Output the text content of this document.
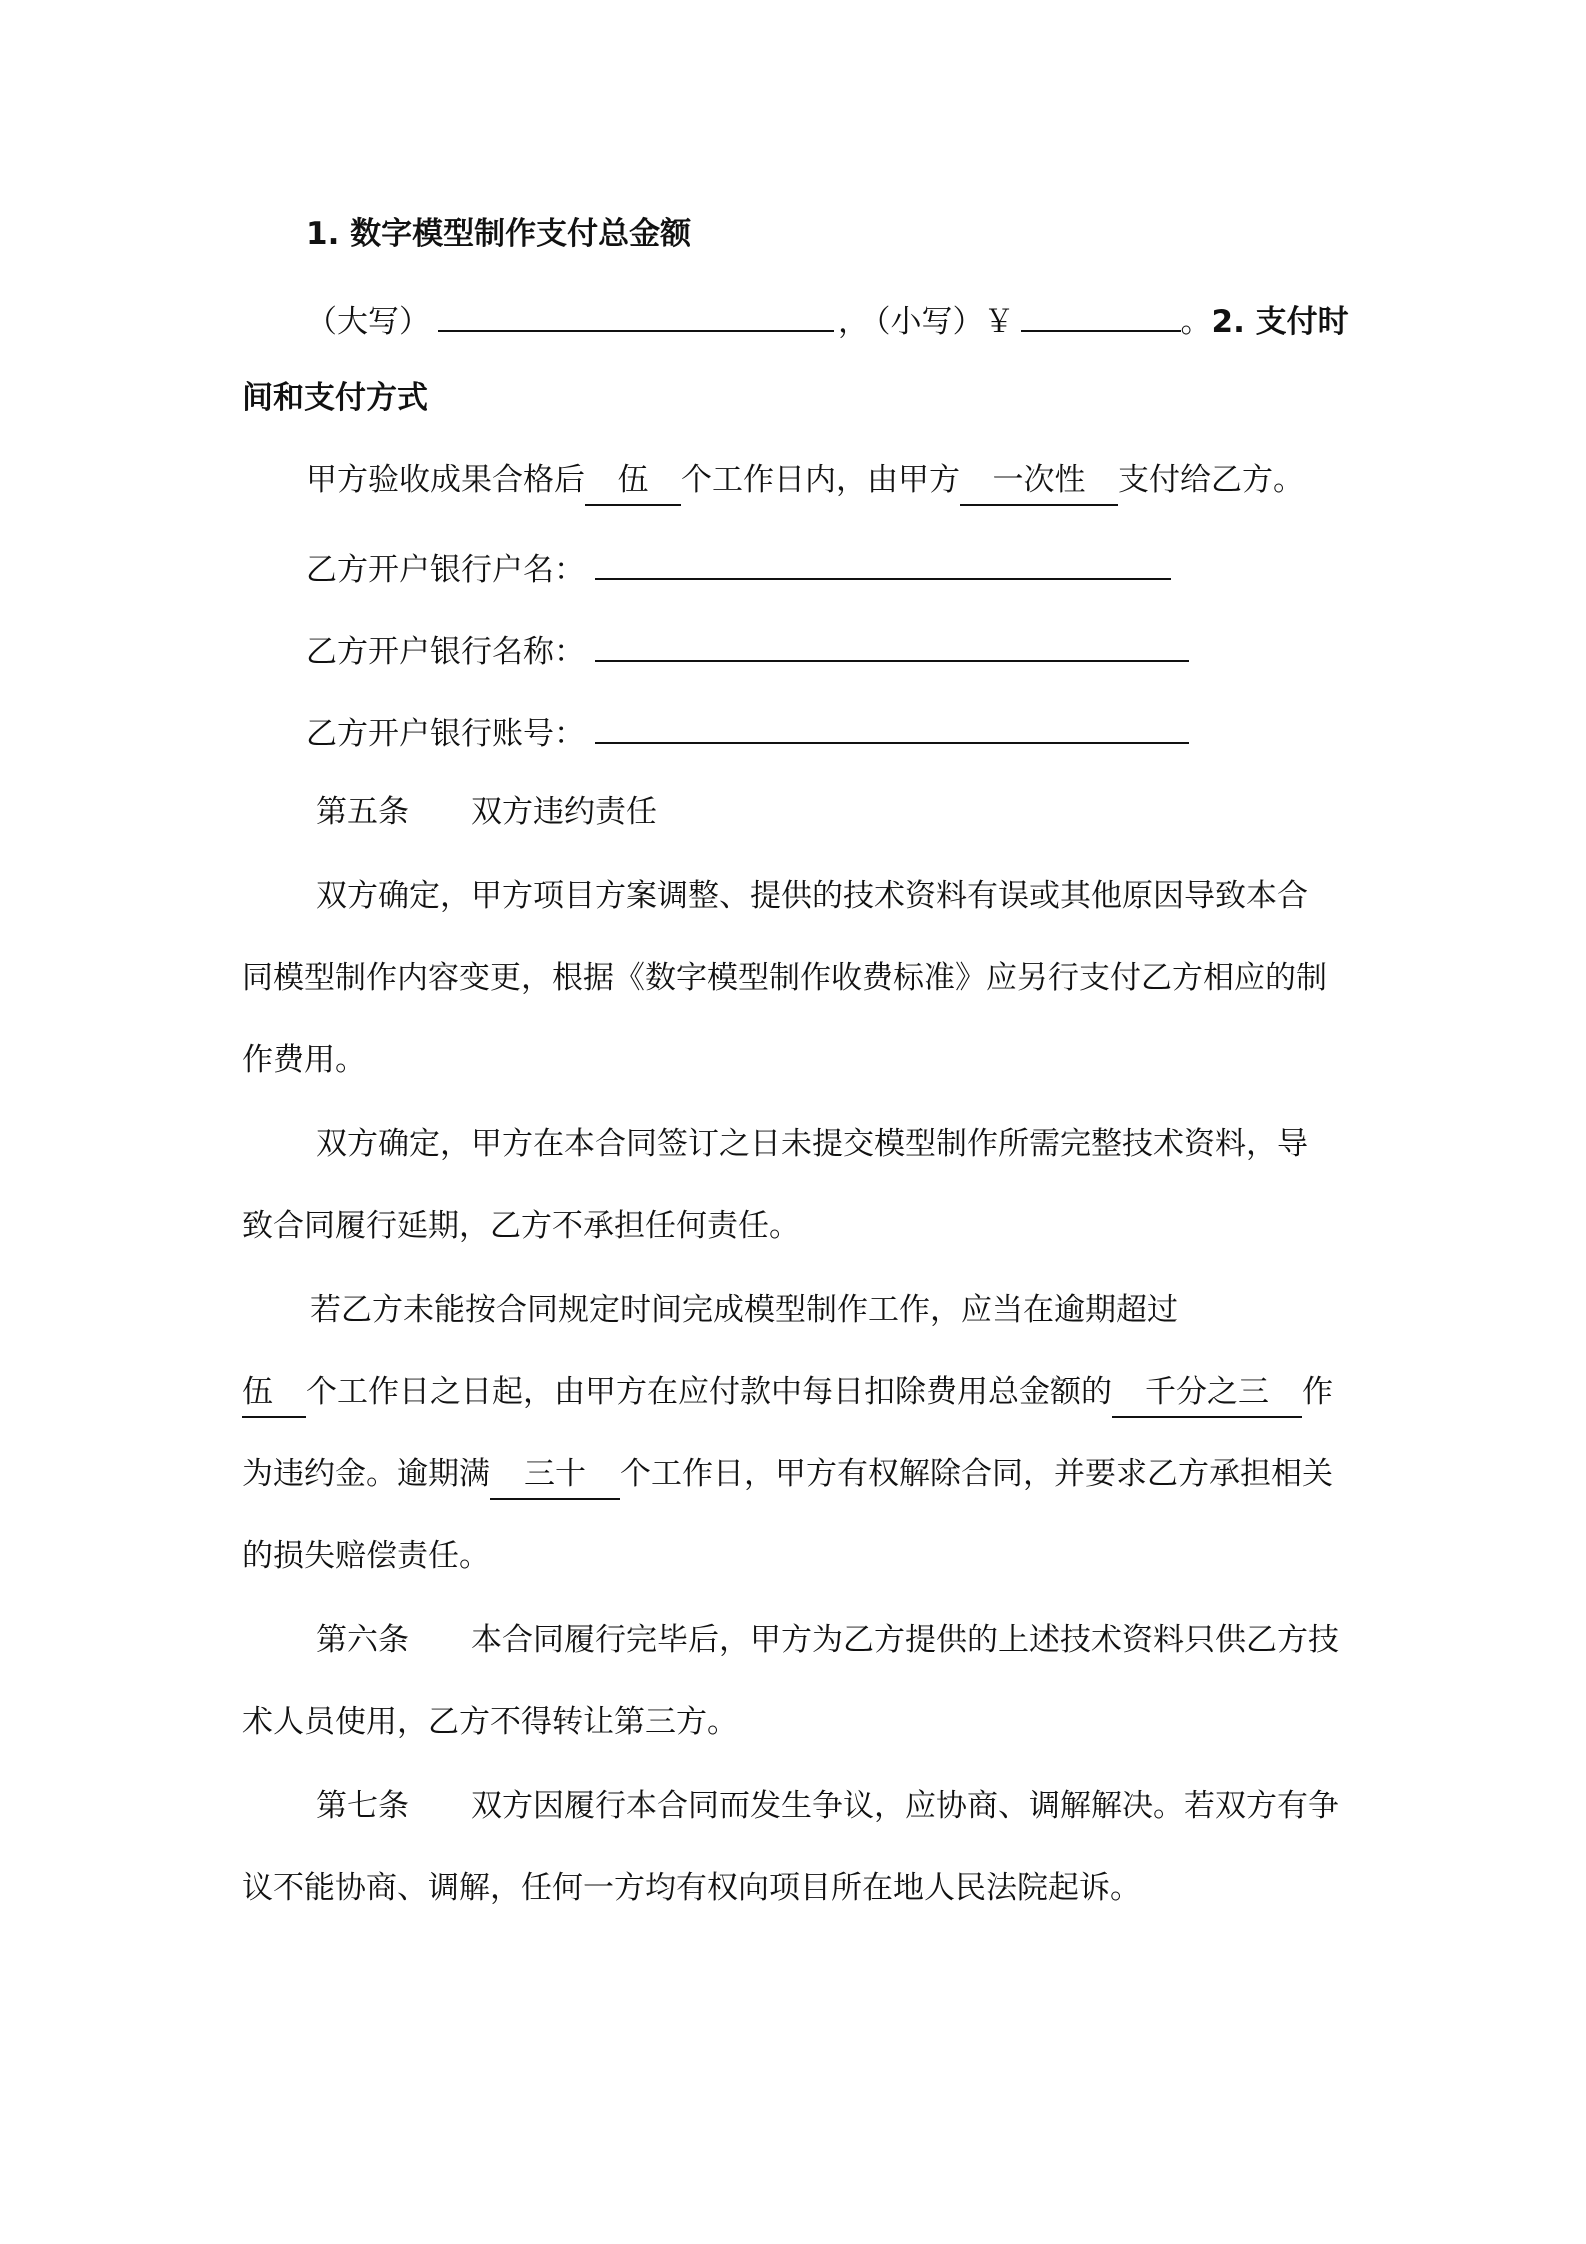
1. 数字模型制作支付总金额
（大写）	， （小写）￥	。2. 支付时
间和支付方式
甲方验收成果合格后 伍 个工作日内，由甲方 一次性 支付给乙方。
乙方开户银行户名：
乙方开户银行名称：
乙方开户银行账号：
第五条　　双方违约责任
双方确定，甲方项目方案调整、提供的技术资料有误或其他原因导致本合
同模型制作内容变更，根据《数字模型制作收费标准》应另行支付乙方相应的制
作费用。
双方确定，甲方在本合同签订之日未提交模型制作所需完整技术资料，导
致合同履行延期，乙方不承担任何责任。
若乙方未能按合同规定时间完成模型制作工作，应当在逾期超过
伍 个工作日之日起，由甲方在应付款中每日扣除费用总金额的 千分之三 作
为违约金。逾期满 三十 个工作日，甲方有权解除合同，并要求乙方承担相关
的损失赔偿责任。
第六条　　本合同履行完毕后，甲方为乙方提供的上述技术资料只供乙方技
术人员使用，乙方不得转让第三方。
第七条　　双方因履行本合同而发生争议，应协商、调解解决。若双方有争
议不能协商、调解，任何一方均有权向项目所在地人民法院起诉。
